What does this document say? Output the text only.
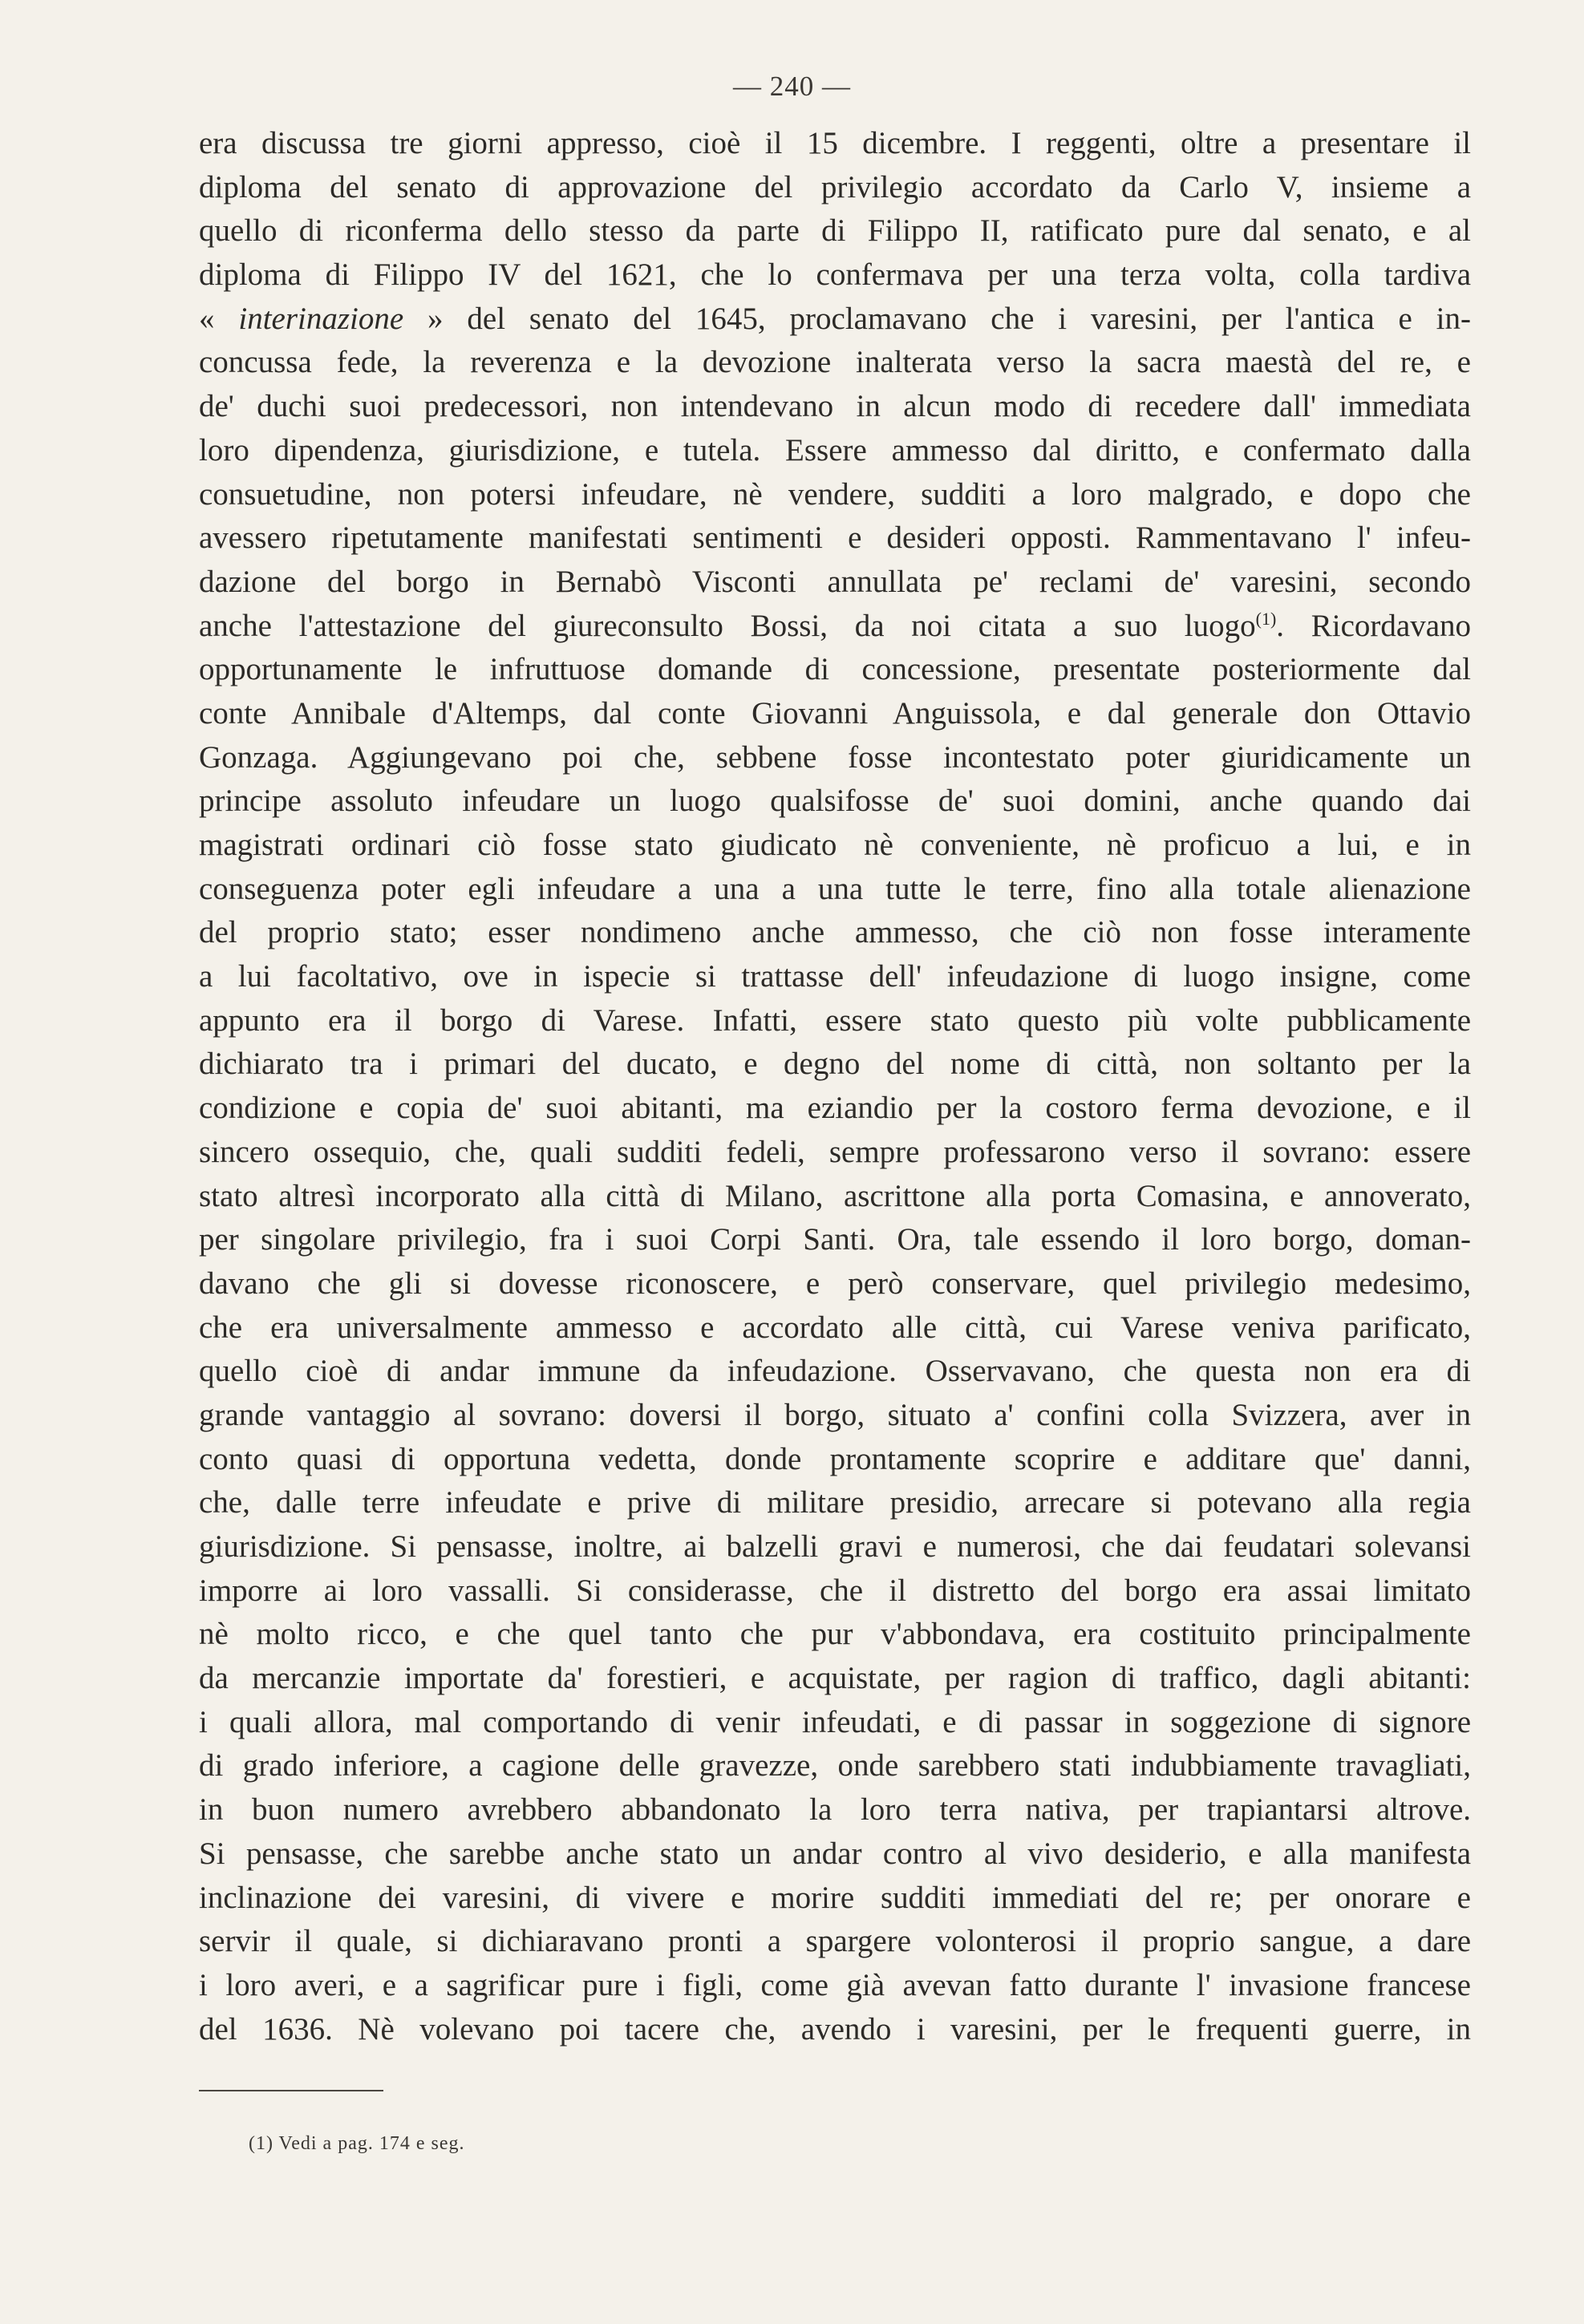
— 240 —
era discussa tre giorni appresso, cioè il 15 dicembre. I reggenti, oltre a presentare il
diploma del senato di approvazione del privilegio accordato da Carlo V, insieme a
quello di riconferma dello stesso da parte di Filippo II, ratificato pure dal senato, e al
diploma di Filippo IV del 1621, che lo confermava per una terza volta, colla tardiva
« interinazione » del senato del 1645, proclamavano che i varesini, per l'antica e in-
concussa fede, la reverenza e la devozione inalterata verso la sacra maestà del re, e
de' duchi suoi predecessori, non intendevano in alcun modo di recedere dall' immediata
loro dipendenza, giurisdizione, e tutela. Essere ammesso dal diritto, e confermato dalla
consuetudine, non potersi infeudare, nè vendere, sudditi a loro malgrado, e dopo che
avessero ripetutamente manifestati sentimenti e desideri opposti. Rammentavano l' infeu-
dazione del borgo in Bernabò Visconti annullata pe' reclami de' varesini, secondo
anche l'attestazione del giureconsulto Bossi, da noi citata a suo luogo$^{(1)}$. Ricordavano
opportunamente le infruttuose domande di concessione, presentate posteriormente dal
conte Annibale d'Altemps, dal conte Giovanni Anguissola, e dal generale don Ottavio
Gonzaga. Aggiungevano poi che, sebbene fosse incontestato poter giuridicamente un
principe assoluto infeudare un luogo qualsifosse de' suoi domini, anche quando dai
magistrati ordinari ciò fosse stato giudicato nè conveniente, nè proficuo a lui, e in
conseguenza poter egli infeudare a una a una tutte le terre, fino alla totale alienazione
del proprio stato; esser nondimeno anche ammesso, che ciò non fosse interamente
a lui facoltativo, ove in ispecie si trattasse dell' infeudazione di luogo insigne, come
appunto era il borgo di Varese. Infatti, essere stato questo più volte pubblicamente
dichiarato tra i primari del ducato, e degno del nome di città, non soltanto per la
condizione e copia de' suoi abitanti, ma eziandio per la costoro ferma devozione, e il
sincero ossequio, che, quali sudditi fedeli, sempre professarono verso il sovrano: essere
stato altresì incorporato alla città di Milano, ascrittone alla porta Comasina, e annoverato,
per singolare privilegio, fra i suoi Corpi Santi. Ora, tale essendo il loro borgo, doman-
davano che gli si dovesse riconoscere, e però conservare, quel privilegio medesimo,
che era universalmente ammesso e accordato alle città, cui Varese veniva parificato,
quello cioè di andar immune da infeudazione. Osservavano, che questa non era di
grande vantaggio al sovrano: doversi il borgo, situato a' confini colla Svizzera, aver in
conto quasi di opportuna vedetta, donde prontamente scoprire e additare que' danni,
che, dalle terre infeudate e prive di militare presidio, arrecare si potevano alla regia
giurisdizione. Si pensasse, inoltre, ai balzelli gravi e numerosi, che dai feudatari solevansi
imporre ai loro vassalli. Si considerasse, che il distretto del borgo era assai limitato
nè molto ricco, e che quel tanto che pur v'abbondava, era costituito principalmente
da mercanzie importate da' forestieri, e acquistate, per ragion di traffico, dagli abitanti:
i quali allora, mal comportando di venir infeudati, e di passar in soggezione di signore
di grado inferiore, a cagione delle gravezze, onde sarebbero stati indubbiamente travagliati,
in buon numero avrebbero abbandonato la loro terra nativa, per trapiantarsi altrove.
Si pensasse, che sarebbe anche stato un andar contro al vivo desiderio, e alla manifesta
inclinazione dei varesini, di vivere e morire sudditi immediati del re; per onorare e
servir il quale, si dichiaravano pronti a spargere volonterosi il proprio sangue, a dare
i loro averi, e a sagrificar pure i figli, come già avevan fatto durante l' invasione francese
del 1636. Nè volevano poi tacere che, avendo i varesini, per le frequenti guerre, in
(1) Vedi a pag. 174 e seg.
